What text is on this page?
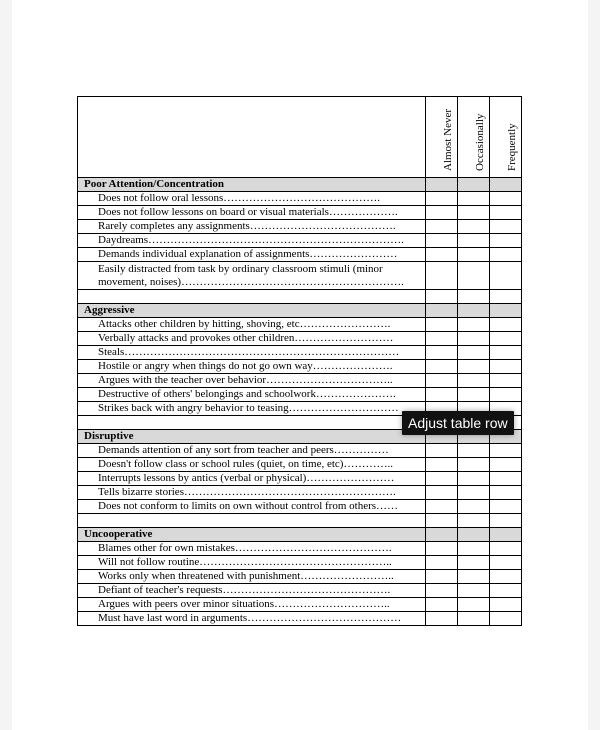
	Almost Never	Occasionally	Frequently
Poor Attention/Concentration			
Does not follow oral lessons…………………………………….			
Does not follow lessons on board or visual materials……………….			
Rarely completes any assignments………………………………….			
Daydreams…………………………………………………………….			
Demands individual explanation of assignments……………………			
Easily distracted from task by ordinary classroom stimuli (minor movement, noises)…………………………………………………….			

Aggressive			
Attacks other children by hitting, shoving, etc…………………….			
Verbally attacks and provokes other children………………………			
Steals…………………………………………………………………			
Hostile or angry when things do not go own way………………….			
Argues with the teacher over behavior……………………………..			
Destructive of others' belongings and schoolwork………………….			
Strikes back with angry behavior to teasing…………………………			

Disruptive			
Demands attention of any sort from teacher and peers……………			
Doesn't follow class or school rules (quiet, on time, etc)…………..			
Interrupts lessons by antics (verbal or physical)……………………			
Tells bizarre stories………………………………………………….			
Does not conform to limits on own without control from others……			

Uncooperative			
Blames other for own mistakes…………………………………….			
Will not follow routine……………………………………………..			
Works only when threatened with punishment……………………..			
Defiant of teacher's requests……………………………………….			
Argues with peers over minor situations…………………………..			
Must have last word in arguments……………………………………			
Adjust table row
